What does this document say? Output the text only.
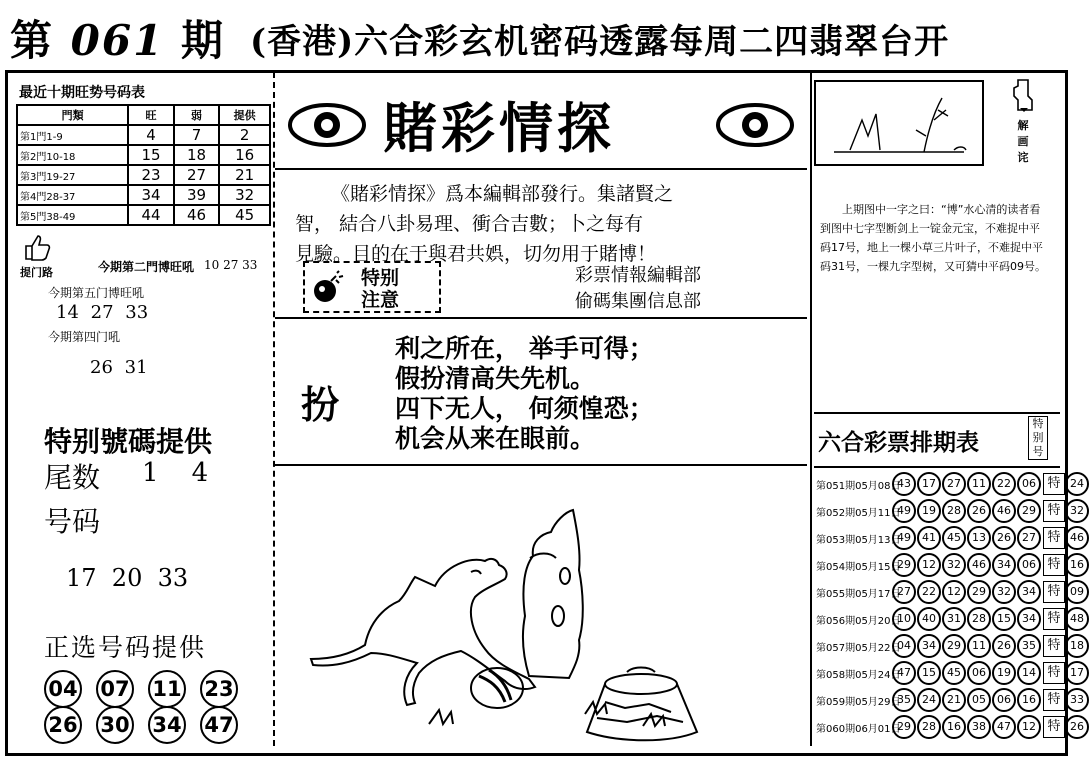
第 061 期 (香港)六合彩玄机密码透露每周二四翡翠台开
最近十期旺势号码表			
門類	旺	弱	提供
第1門1-9	4	7	2
第2門10-18	15	18	16
第3門19-27	23	27	21
第4門28-37	34	39	32
第5門38-49	44	46	45
提门路	今期第二門博旺吼 10 27 33
今期第五门博旺吼
14 27 33
今期第四门吼
26 31
特别號碼提供
尾数 1    4
号码
17  20  33
正选号码提供
04 07 11 23
26 30 34 47
賭彩情探
《賭彩情探》爲本編輯部發行。集諸賢之
智， 結合八卦易理、衝合吉數；卜之每有
見驗。目的在于與君共娯，切勿用于賭博！
特别
注意
彩票情報編輯部
偷碼集團信息部
扮
利之所在， 举手可得；
假扮清高失先机。
四下无人， 何须惶恐；
机会从来在眼前。
解画诧
上期图中一字之曰：“博”水心清的读者看到图中七字型断剑上一锭金元宝，不难捉中平码17号，地上一棵小草三片叶子，不难捉中平码31号，一棵九字型树，又可猜中平码09号。
六合彩票排期表
特别号
第051期05月08日
43	17	27	11	22	06 特 24
第052期05月11日
49	19	28	26	46	29 特 32
第053期05月13日
49	41	45	13	26	27 特 46
第054期05月15日
29	12	32	46	34	06 特 16
第055期05月17日
27	22	12	29	32	34 特 09
第056期05月20日
10	40	31	28	15	34 特 48
第057期05月22日
04	34	29	11	26	35 特 18
第058期05月24日
47	15	45	06	19	14 特 17
第059期05月29日
35	24	21	05	06	16 特 33
第060期06月01日
29	28	16	38	47	12 特 26
